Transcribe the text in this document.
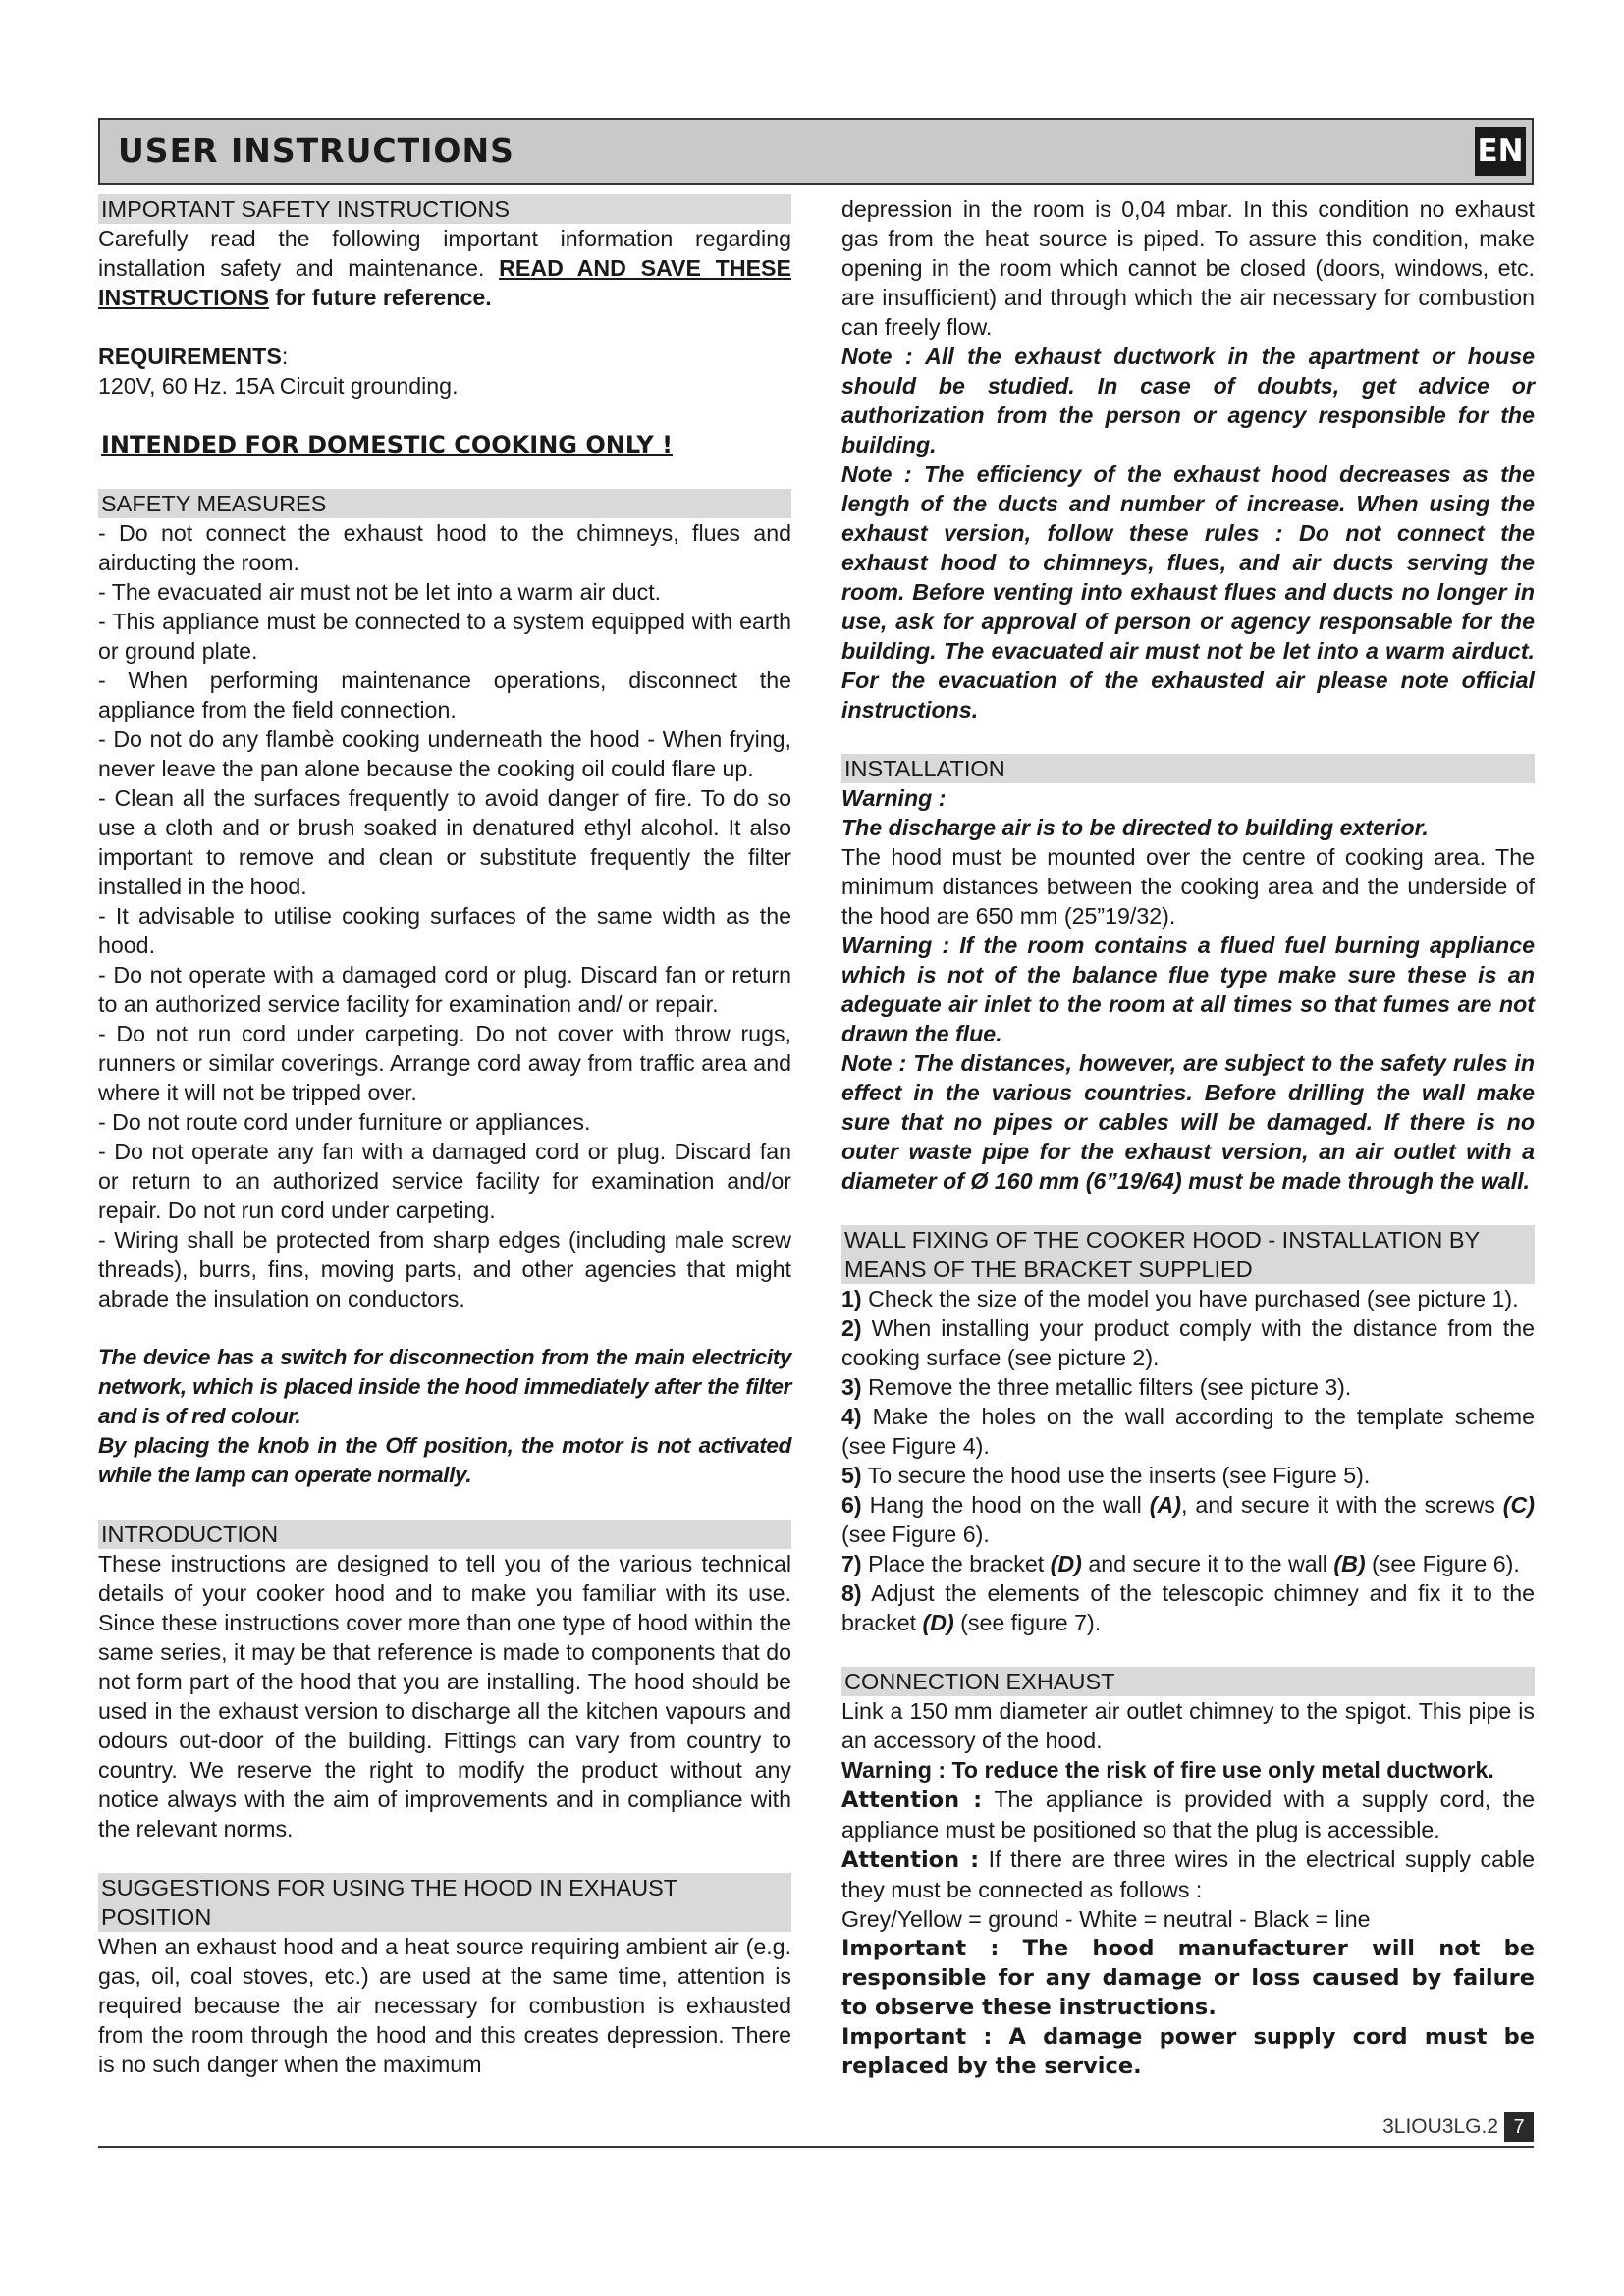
USER INSTRUCTIONS	EN
IMPORTANT SAFETY INSTRUCTIONS

Carefully read the following important information regarding installation safety and maintenance. READ AND SAVE THESE INSTRUCTIONS for future reference.

REQUIREMENTS:

120V, 60 Hz. 15A Circuit grounding.

INTENDED FOR DOMESTIC COOKING ONLY !
SAFETY MEASURES

- Do not connect the exhaust hood to the chimneys, flues and airducting the room.

- The evacuated air must not be let into a warm air duct.

- This appliance must be connected to a system equipped with earth or ground plate.

- When performing maintenance operations, disconnect the appliance from the field connection.

- Do not do any flambè cooking underneath the hood - When frying, never leave the pan alone because the cooking oil could flare up.

- Clean all the surfaces frequently to avoid danger of fire. To do so use a cloth and or brush soaked in denatured ethyl alcohol. It also important to remove and clean or substitute frequently the filter installed in the hood.

- It advisable to utilise cooking surfaces of the same width as the hood.

- Do not operate with a damaged cord or plug. Discard fan or return to an authorized service facility for examination and/ or repair.

- Do not run cord under carpeting. Do not cover with throw rugs, runners or similar coverings. Arrange cord away from traffic area and where it will not be tripped over.

- Do not route cord under furniture or appliances.

- Do not operate any fan with a damaged cord or plug. Discard fan or return to an authorized service facility for examination and/or repair. Do not run cord under carpeting.

- Wiring shall be protected from sharp edges (including male screw threads), burrs, fins, moving parts, and other agencies that might abrade the insulation on conductors.

The device has a switch for disconnection from the main electricity network, which is placed inside the hood immediately after the filter and is of red colour.

By placing the knob in the Off position, the motor is not activated while the lamp can operate normally.

INTRODUCTION

These instructions are designed to tell you of the various technical details of your cooker hood and to make you familiar with its use. Since these instructions cover more than one type of hood within the same series, it may be that reference is made to components that do not form part of the hood that you are installing. The hood should be used in the exhaust version to discharge all the kitchen vapours and odours out-door of the building. Fittings can vary from country to country. We reserve the right to modify the product without any notice always with the aim of improvements and in compliance with the relevant norms.

SUGGESTIONS FOR USING THE HOOD IN EXHAUST POSITION

When an exhaust hood and a heat source requiring ambient air (e.g. gas, oil, coal stoves, etc.) are used at the same time, attention is required because the air necessary for combustion is exhausted from the room through the hood and this creates depression. There is no such danger when the maximum

depression in the room is 0,04 mbar. In this condition no exhaust gas from the heat source is piped. To assure this condition, make opening in the room which cannot be closed (doors, windows, etc. are insufficient) and through which the air necessary for combustion can freely flow.

Note : All the exhaust ductwork in the apartment or house should be studied. In case of doubts, get advice or authorization from the person or agency responsible for the building.

Note : The efficiency of the exhaust hood decreases as the length of the ducts and number of increase. When using the exhaust version, follow these rules : Do not connect the exhaust hood to chimneys, flues, and air ducts serving the room. Before venting into exhaust flues and ducts no longer in use, ask for approval of person or agency responsable for the building. The evacuated air must not be let into a warm airduct. For the evacuation of the exhausted air please note official instructions.

INSTALLATION

Warning :

The discharge air is to be directed to building exterior.

The hood must be mounted over the centre of cooking area. The minimum distances between the cooking area and the underside of the hood are 650 mm (25”19/32).

Warning : If the room contains a flued fuel burning appliance which is not of the balance flue type make sure these is an adeguate air inlet to the room at all times so that fumes are not drawn the flue.

Note : The distances, however, are subject to the safety rules in effect in the various countries. Before drilling the wall make sure that no pipes or cables will be damaged. If there is no outer waste pipe for the exhaust version, an air outlet with a diameter of Ø 160 mm (6”19/64) must be made through the wall.

WALL FIXING OF THE COOKER HOOD - INSTALLATION BY MEANS OF THE BRACKET SUPPLIED

1) Check the size of the model you have purchased (see picture 1).

2) When installing your product comply with the distance from the cooking surface (see picture 2).

3) Remove the three metallic filters (see picture 3).

4) Make the holes on the wall according to the template scheme (see Figure 4).

5) To secure the hood use the inserts (see Figure 5).

6) Hang the hood on the wall (A), and secure it with the screws (C) (see Figure 6).

7) Place the bracket (D) and secure it to the wall (B) (see Figure 6).

8) Adjust the elements of the telescopic chimney and fix it to the bracket (D) (see figure 7).

CONNECTION EXHAUST

Link a 150 mm diameter air outlet chimney to the spigot. This pipe is an accessory of the hood.

Warning : To reduce the risk of fire use only metal ductwork.

Attention : The appliance is provided with a supply cord, the appliance must be positioned so that the plug is accessible.

Attention : If there are three wires in the electrical supply cable they must be connected as follows :

Grey/Yellow = ground - White = neutral - Black = line

Important : The hood manufacturer will not be responsible for any damage or loss caused by failure to observe these instructions.

Important : A damage power supply cord must be replaced by the service.

3LIOU3LG.2 7
